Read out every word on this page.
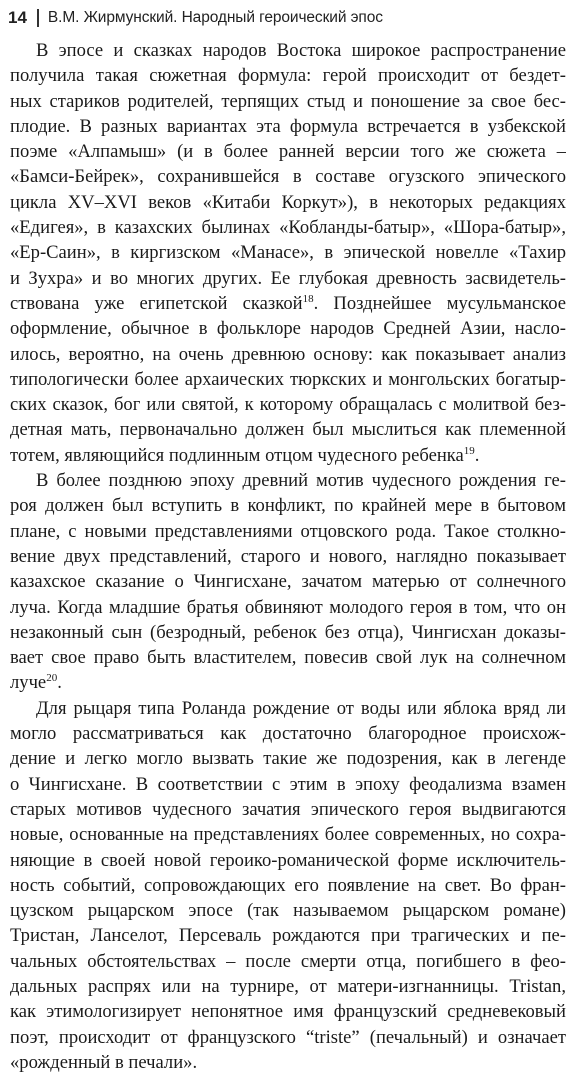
14 В.М. Жирмунский. Народный героический эпос
В эпосе и сказках народов Востока широкое распространение
получила такая сюжетная формула: герой происходит от бездет-
ных стариков родителей, терпящих стыд и поношение за свое бес-
плодие. В разных вариантах эта формула встречается в узбекской
поэме «Алпамыш» (и в более ранней версии того же сюжета –
«Бамси-Бейрек», сохранившейся в составе огузского эпического
цикла XV–XVI веков «Китаби Коркут»), в некоторых редакциях
«Едигея», в казахских былинах «Кобланды-батыр», «Шора-батыр»,
«Ер-Саин», в киргизском «Манасе», в эпической новелле «Тахир
и Зухра» и во многих других. Ее глубокая древность засвидетель-
ствована уже египетской сказкой$^{18}$. Позднейшее мусульманское
оформление, обычное в фольклоре народов Средней Азии, наслo-
илось, вероятно, на очень древнюю основу: как показывает анализ
типологически более архаических тюркских и монгольских богатыр-
ских сказок, бог или святой, к которому обращалась с молитвой без-
детная мать, первоначально должен был мыслиться как племенной
тотем, являющийся подлинным отцом чудесного ребенка$^{19}$.
В более позднюю эпоху древний мотив чудесного рождения ге-
роя должен был вступить в конфликт, по крайней мере в бытовом
плане, с новыми представлениями отцовского рода. Такое столкно-
вение двух представлений, старого и нового, наглядно показывает
казахское сказание о Чингисхане, зачатом матерью от солнечного
луча. Когда младшие братья обвиняют молодого героя в том, что он
незаконный сын (безродный, ребенок без отца), Чингисхан доказы-
вает свое право быть властителем, повесив свой лук на солнечном
луче$^{20}$.
Для рыцаря типа Роланда рождение от воды или яблока вряд ли
могло рассматриваться как достаточно благородное происхож-
дение и легко могло вызвать такие же подозрения, как в легенде
о Чингисхане. В соответствии с этим в эпоху феодализма взамен
старых мотивов чудесного зачатия эпического героя выдвигаются
новые, основанные на представлениях более современных, но сохра-
няющие в своей новой героико-романической форме исключитель-
ность событий, сопровождающих его появление на свет. Во фран-
цузском рыцарском эпосе (так называемом рыцарском романе)
Тристан, Ланселот, Персеваль рождаются при трагических и пе-
чальных обстоятельствах – после смерти отца, погибшего в фео-
дальных распрях или на турнире, от матери-изгнанницы. Tristan,
как этимологизирует непонятное имя французский средневековый
поэт, происходит от французского “triste” (печальный) и означает
«рожденный в печали».
